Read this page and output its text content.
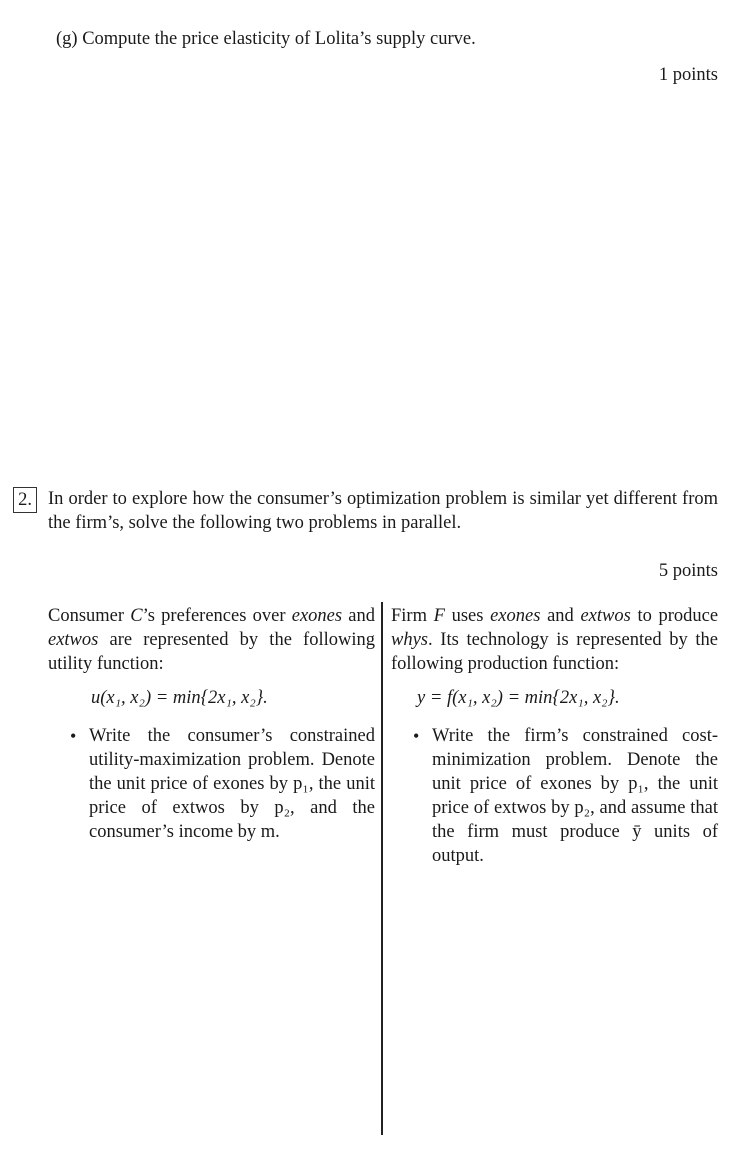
(g) Compute the price elasticity of Lolita’s supply curve.
1 points
2. In order to explore how the consumer’s optimization problem is similar yet different from the firm’s, solve the following two problems in parallel.
5 points
Consumer C’s preferences over exones and extwos are represented by the following utility function:
u(x₁, x₂) = min{2x₁, x₂}.
• Write the consumer’s constrained utility-maximization problem. Denote the unit price of exones by p₁, the unit price of extwos by p₂, and the consumer’s income by m.
Firm F uses exones and extwos to produce whys. Its technology is represented by the following production function:
y = f(x₁, x₂) = min{2x₁, x₂}.
• Write the firm’s constrained cost-minimization problem. Denote the unit price of exones by p₁, the unit price of extwos by p₂, and assume that the firm must produce ȳ units of output.
